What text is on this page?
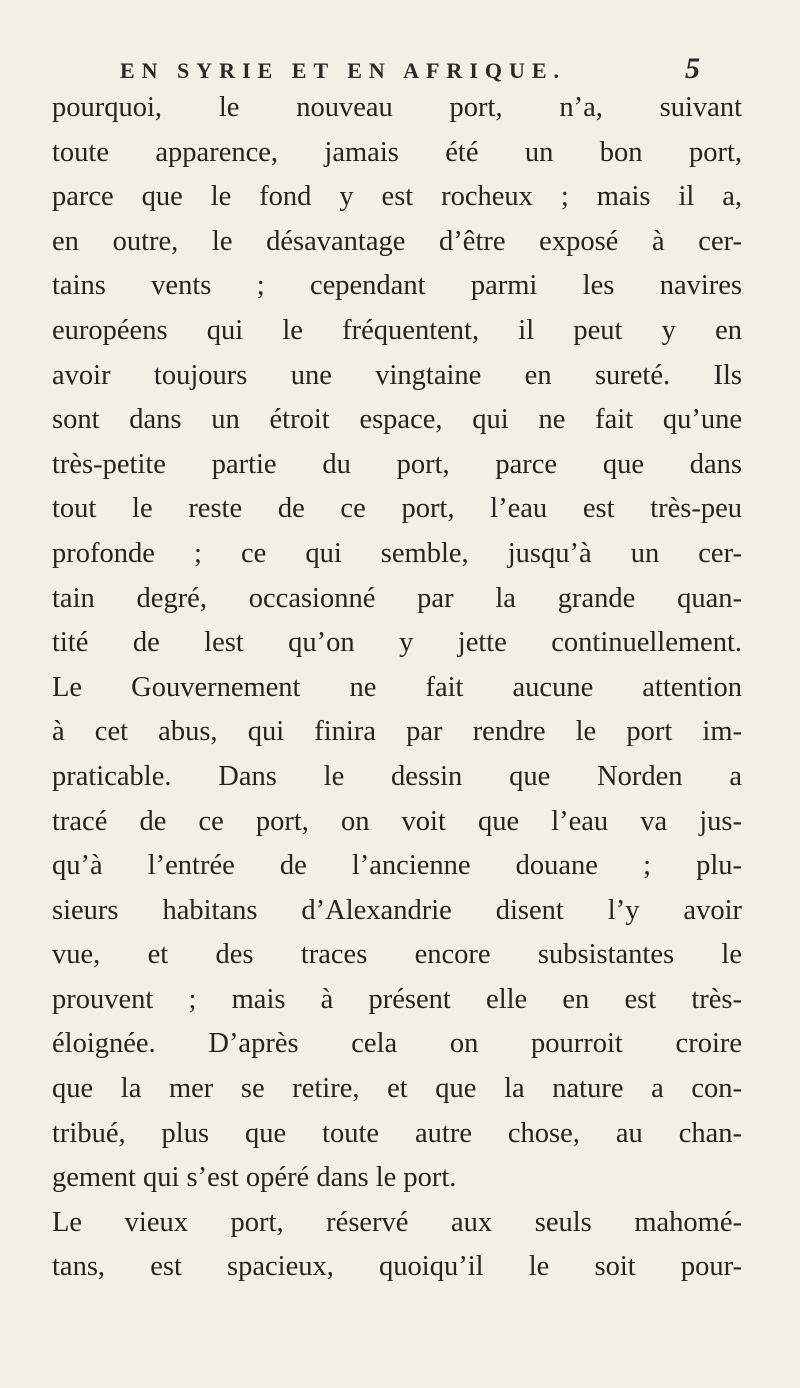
EN SYRIE ET EN AFRIQUE.	5
pourquoi, le nouveau port, n’a, suivant
toute apparence, jamais été un bon port,
parce que le fond y est rocheux ; mais il a,
en outre, le désavantage d’être exposé à cer-
tains vents ; cependant parmi les navires
européens qui le fréquentent, il peut y en
avoir toujours une vingtaine en sureté. Ils
sont dans un étroit espace, qui ne fait qu’une
très-petite partie du port, parce que dans
tout le reste de ce port, l’eau est très-peu
profonde ; ce qui semble, jusqu’à un cer-
tain degré, occasionné par la grande quan-
tité de lest qu’on y jette continuellement.
Le Gouvernement ne fait aucune attention
à cet abus, qui finira par rendre le port im-
praticable. Dans le dessin que Norden a
tracé de ce port, on voit que l’eau va jus-
qu’à l’entrée de l’ancienne douane ; plu-
sieurs habitans d’Alexandrie disent l’y avoir
vue, et des traces encore subsistantes le
prouvent ; mais à présent elle en est très-
éloignée. D’après cela on pourroit croire
que la mer se retire, et que la nature a con-
tribué, plus que toute autre chose, au chan-
gement qui s’est opéré dans le port.
Le vieux port, réservé aux seuls mahomé-
tans, est spacieux, quoiqu’il le soit pour-
